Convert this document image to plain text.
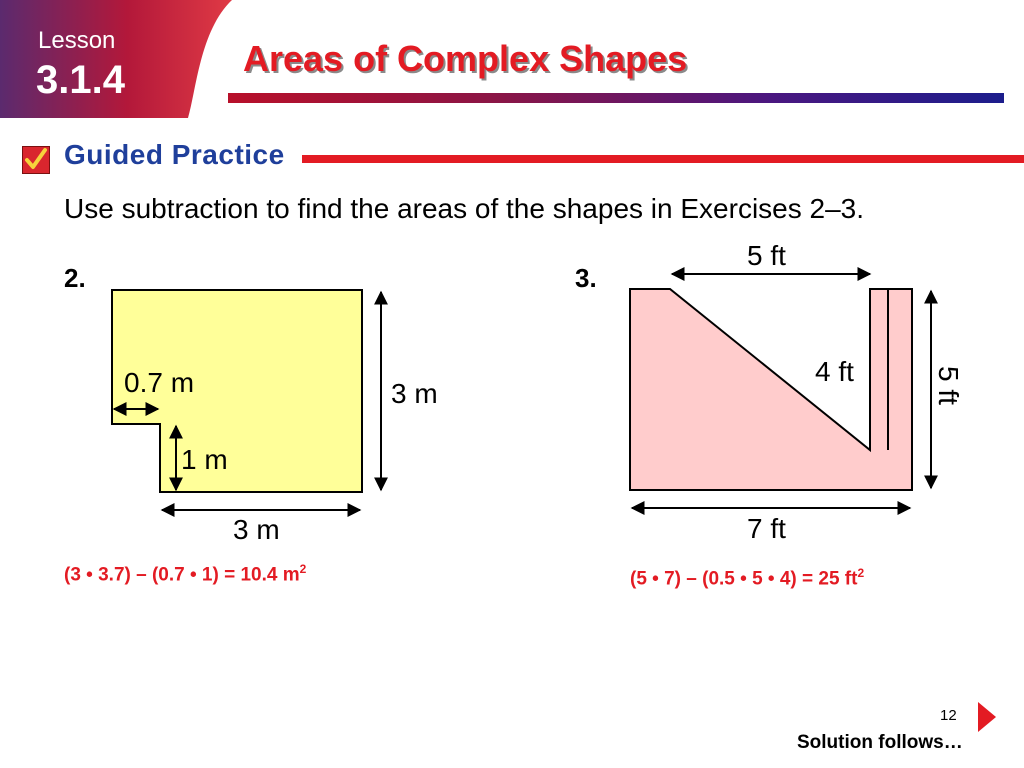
Lesson
3.1.4	Areas of Complex Shapes
Guided Practice
Use subtraction to find the areas of the shapes in Exercises 2–3.
2.	3.
0.7 m
1 m
3 m
3 m
(3 • 3.7) – (0.7 • 1) = 10.4 $m^2$
5 ft
4 ft	5 ft
7 ft
(5 • 7) – (0.5 • 5 • 4) = 25 $ft^2$
12
Solution follows…
